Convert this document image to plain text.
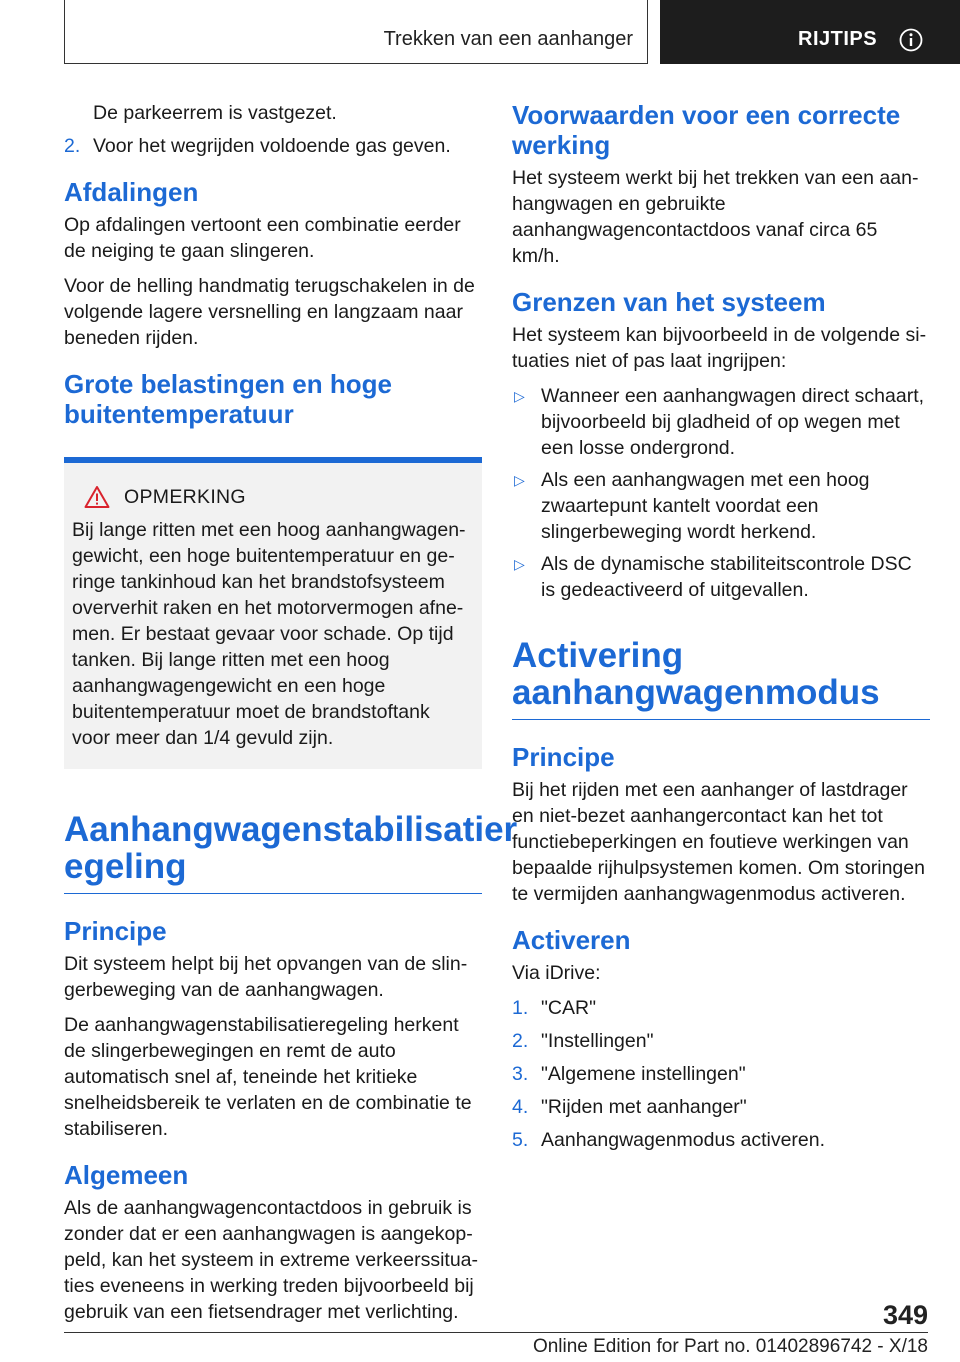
Trekken van een aanhanger	RIJTIPS

De parkeerrem is vastgezet.

2. Voor het wegrijden voldoende gas geven.
Afdalingen

Op afdalingen vertoont een combinatie eerder de neiging te gaan slingeren.

Voor de helling handmatig terugschakelen in de volgende lagere versnelling en langzaam naar beneden rijden.

Grote belastingen en hoge
buitentemperatuur
OPMERKING

Bij lange ritten met een hoog aanhangwagengewicht, een hoge buitentemperatuur en geringe tankinhoud kan het brandstofsysteem oververhit raken en het motorvermogen afnemen. Er bestaat gevaar voor schade. Op tijd tanken. Bij lange ritten met een hoog aanhangwagengewicht en een hoge buitentemperatuur moet de brandstoftank voor meer dan 1/4 gevuld zijn.

Aanhangwagenstabilisatier
egeling
Principe

Dit systeem helpt bij het opvangen van de slingerbeweging van de aanhangwagen.

De aanhangwagenstabilisatieregeling herkent de slingerbewegingen en remt de auto automatisch snel af, teneinde het kritieke snelheidsbereik te verlaten en de combinatie te stabiliseren.

Algemeen

Als de aanhangwagencontactdoos in gebruik is zonder dat er een aanhangwagen is aangekoppeld, kan het systeem in extreme verkeerssituaties eveneens in werking treden bijvoorbeeld bij gebruik van een fietsendrager met verlichting.

Voorwaarden voor een correcte werking

Het systeem werkt bij het trekken van een aanhangwagen en gebruikte aanhangwagencontactdoos vanaf circa 65 km/h.

Grenzen van het systeem

Het systeem kan bijvoorbeeld in de volgende situaties niet of pas laat ingrijpen:

▷ Wanneer een aanhangwagen direct schaart, bijvoorbeeld bij gladheid of op wegen met een losse ondergrond.
▷ Als een aanhangwagen met een hoog zwaartepunt kantelt voordat een slingerbeweging wordt herkend.
▷ Als de dynamische stabiliteitscontrole DSC is gedeactiveerd of uitgevallen.
Activering
aanhangwagenmodus
Principe

Bij het rijden met een aanhanger of lastdrager en niet-bezet aanhangercontact kan het tot functiebeperkingen en foutieve werkingen van bepaalde rijhulpsystemen komen. Om storingen te vermijden aanhangwagenmodus activeren.

Activeren

Via iDrive:

1. "CAR"
2. "Instellingen"
3. "Algemene instellingen"
4. "Rijden met aanhanger"
5. Aanhangwagenmodus activeren.
349
Online Edition for Part no. 01402896742 - X/18
